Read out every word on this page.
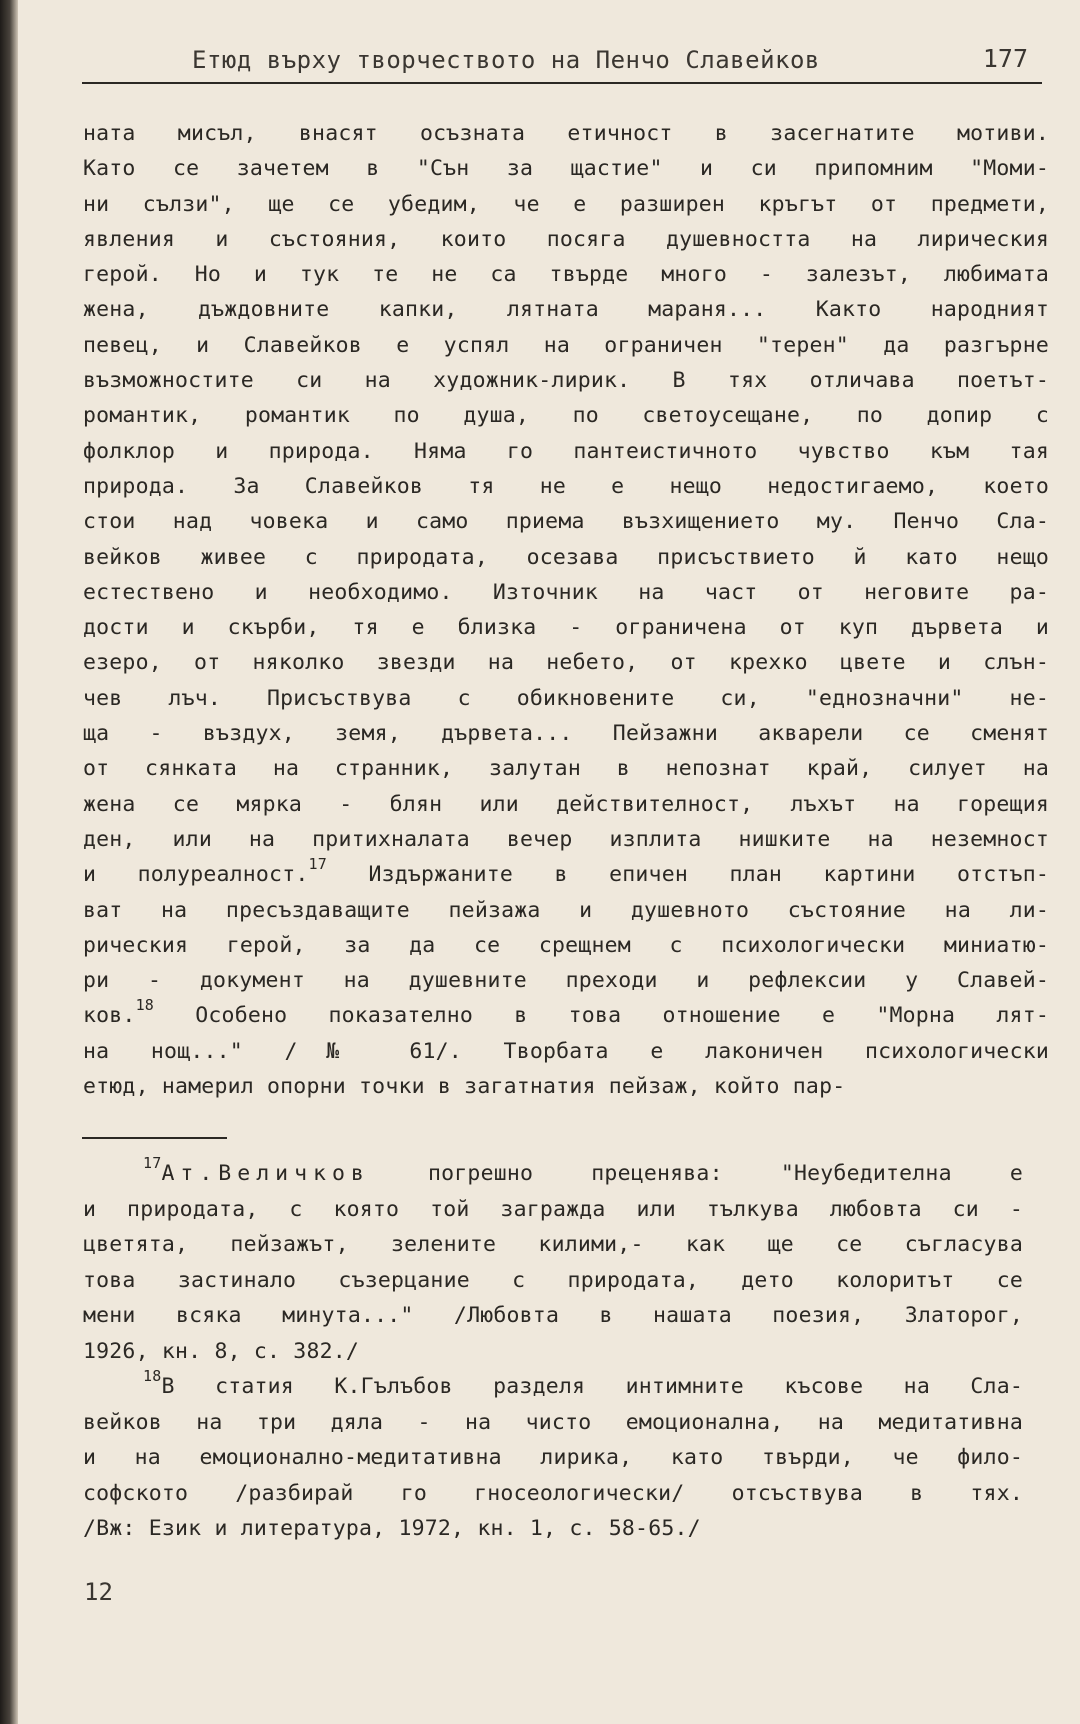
Етюд върху творчеството на Пенчо Славейков	177
ната мисъл, внасят осъзната етичност в засегнатите мотиви.
Като се зачетем в "Сън за щастие" и си припомним "Моми-
ни сълзи", ще се убедим, че е разширен кръгът от предмети,
явления и състояния, които посяга душевността на лирическия
герой. Но и тук те не са твърде много - залезът, любимата
жена, дъждовните капки, лятната мараня... Както народният
певец, и Славейков е успял на ограничен "терен" да разгърне
възможностите си на художник-лирик. В тях отличава поетът-
романтик, романтик по душа, по светоусещане, по допир с
фолклор и природа. Няма го пантеистичното чувство към тая
природа. За Славейков тя не е нещо недостигаемо, което
стои над човека и само приема възхищението му. Пенчо Сла-
вейков живее с природата, осезава присъствието й като нещо
естествено и необходимо. Източник на част от неговите ра-
дости и скърби, тя е близка - ограничена от куп дървета и
езеро, от няколко звезди на небето, от крехко цвете и слън-
чев лъч. Присъствува с обикновените си, "еднозначни" не-
ща - въздух, земя, дървета... Пейзажни акварели се сменят
от сянката на странник, залутан в непознат край, силует на
жена се мярка - блян или действителност, лъхът на горещия
ден, или на притихналата вечер изплита нишките на неземност
и полуреалност.$^{17}$ Издържаните в епичен план картини отстъп-
ват на пресъздаващите пейзажа и душевното състояние на ли-
рическия герой, за да се срещнем с психологически миниатю-
ри - документ на душевните преходи и рефлексии у Славей-
ков.$^{18}$ Особено показателно в това отношение е "Морна лят-
на нощ..." /№ 61/. Творбата е лаконичен психологически
етюд, намерил опорни точки в загатнатия пейзаж, който пар-
17Ат.Величков погрешно преценява: "Неубедителна е
и природата, с която той загражда или тълкува любовта си -
цветята, пейзажът, зелените килими,- как ще се съгласува
това застинало съзерцание с природата, дето колоритът се
мени всяка минута..." /Любовта в нашата поезия, Златорог,
1926, кн. 8, с. 382./
18В статия К.Гълъбов разделя интимните късове на Сла-
вейков на три дяла - на чисто емоционална, на медитативна
и на емоционално-медитативна лирика, като твърди, че фило-
софското /разбирай го гносеологически/ отсъствува в тях.
/Вж: Език и литература, 1972, кн. 1, с. 58-65./
12
